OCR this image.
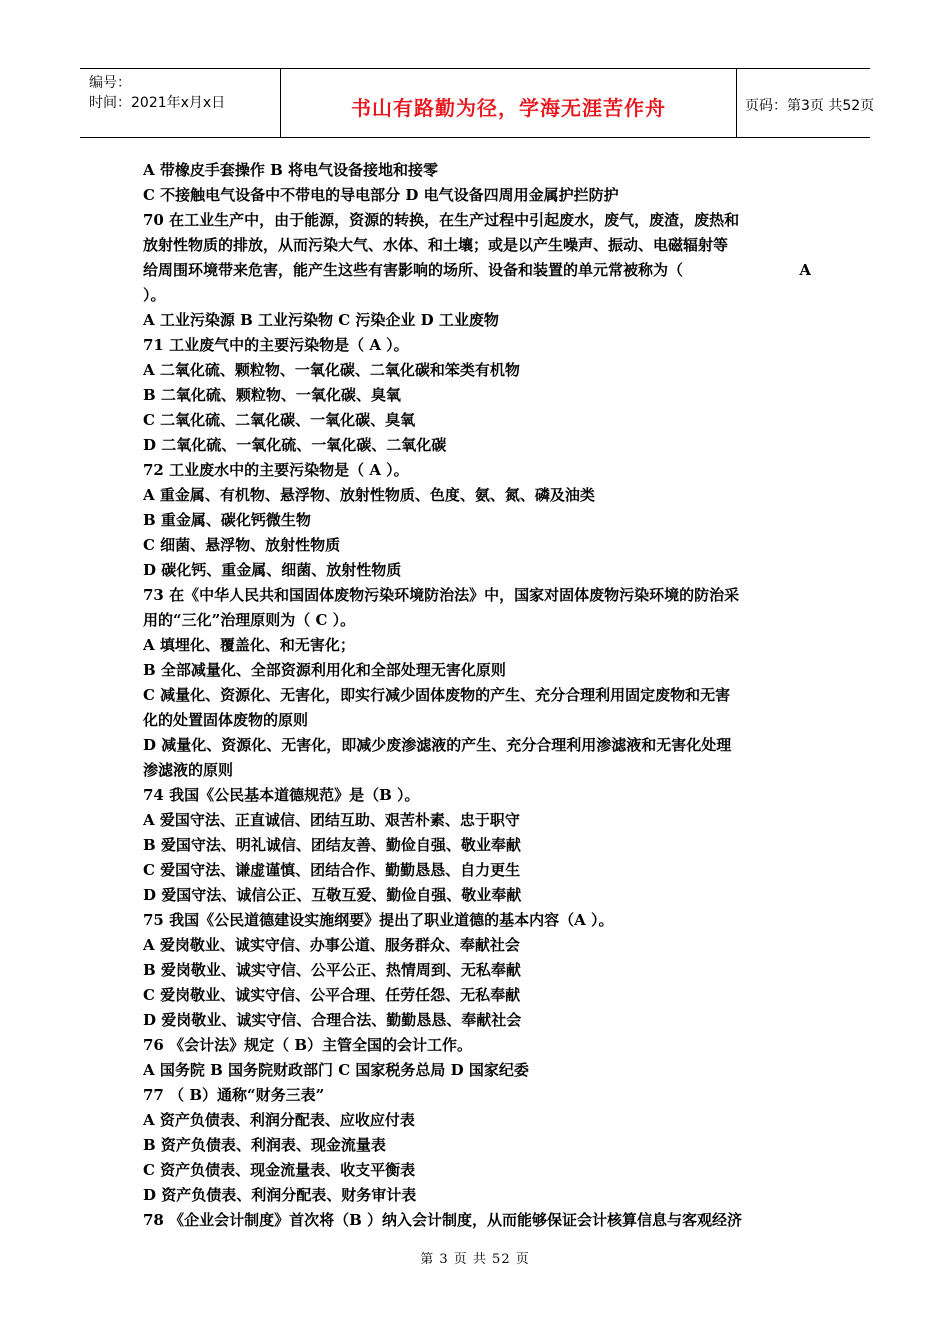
编号：
时间：2021年x月x日	书山有路勤为径，学海无涯苦作舟	页码：第3页 共52页
A 带橡皮手套操作 B 将电气设备接地和接零
C 不接触电气设备中不带电的导电部分 D 电气设备四周用金属护拦防护
70 在工业生产中，由于能源，资源的转换，在生产过程中引起废水，废气，废渣，废热和
放射性物质的排放，从而污染大气、水体、和土壤；或是以产生噪声、振动、电磁辐射等
给周围环境带来危害，能产生这些有害影响的场所、设备和装置的单元常被称为（	A
）。
A 工业污染源 B 工业污染物 C 污染企业 D 工业废物
71 工业废气中的主要污染物是（ A ）。
A 二氧化硫、颗粒物、一氧化碳、二氧化碳和笨类有机物
B 二氧化硫、颗粒物、一氧化碳、臭氧
C 二氧化硫、二氧化碳、一氧化碳、臭氧
D 二氧化硫、一氧化硫、一氧化碳、二氧化碳
72 工业废水中的主要污染物是（ A ）。
A 重金属、有机物、悬浮物、放射性物质、色度、氨、氮、磷及油类
B 重金属、碳化钙微生物
C 细菌、悬浮物、放射性物质
D 碳化钙、重金属、细菌、放射性物质
73 在《中华人民共和国固体废物污染环境防治法》中，国家对固体废物污染环境的防治采
用的“三化”治理原则为（ C ）。
A 填埋化、覆盖化、和无害化；
B 全部减量化、全部资源利用化和全部处理无害化原则
C 减量化、资源化、无害化，即实行减少固体废物的产生、充分合理利用固定废物和无害
化的处置固体废物的原则
D 减量化、资源化、无害化，即减少废渗滤液的产生、充分合理利用渗滤液和无害化处理
渗滤液的原则
74 我国《公民基本道德规范》是（B ）。
A 爱国守法、正直诚信、团结互助、艰苦朴素、忠于职守
B 爱国守法、明礼诚信、团结友善、勤俭自强、敬业奉献
C 爱国守法、谦虚谨慎、团结合作、勤勤恳恳、自力更生
D 爱国守法、诚信公正、互敬互爱、勤俭自强、敬业奉献
75 我国《公民道德建设实施纲要》提出了职业道德的基本内容（A ）。
A 爱岗敬业、诚实守信、办事公道、服务群众、奉献社会
B 爱岗敬业、诚实守信、公平公正、热情周到、无私奉献
C 爱岗敬业、诚实守信、公平合理、任劳任怨、无私奉献
D 爱岗敬业、诚实守信、合理合法、勤勤恳恳、奉献社会
76 《会计法》规定（ B）主管全国的会计工作。
A 国务院 B 国务院财政部门 C 国家税务总局 D 国家纪委
77 （ B）通称“财务三表”
A 资产负债表、利润分配表、应收应付表
B 资产负债表、利润表、现金流量表
C 资产负债表、现金流量表、收支平衡表
D 资产负债表、利润分配表、财务审计表
78 《企业会计制度》首次将（B ）纳入会计制度，从而能够保证会计核算信息与客观经济
第 3 页 共 52 页
